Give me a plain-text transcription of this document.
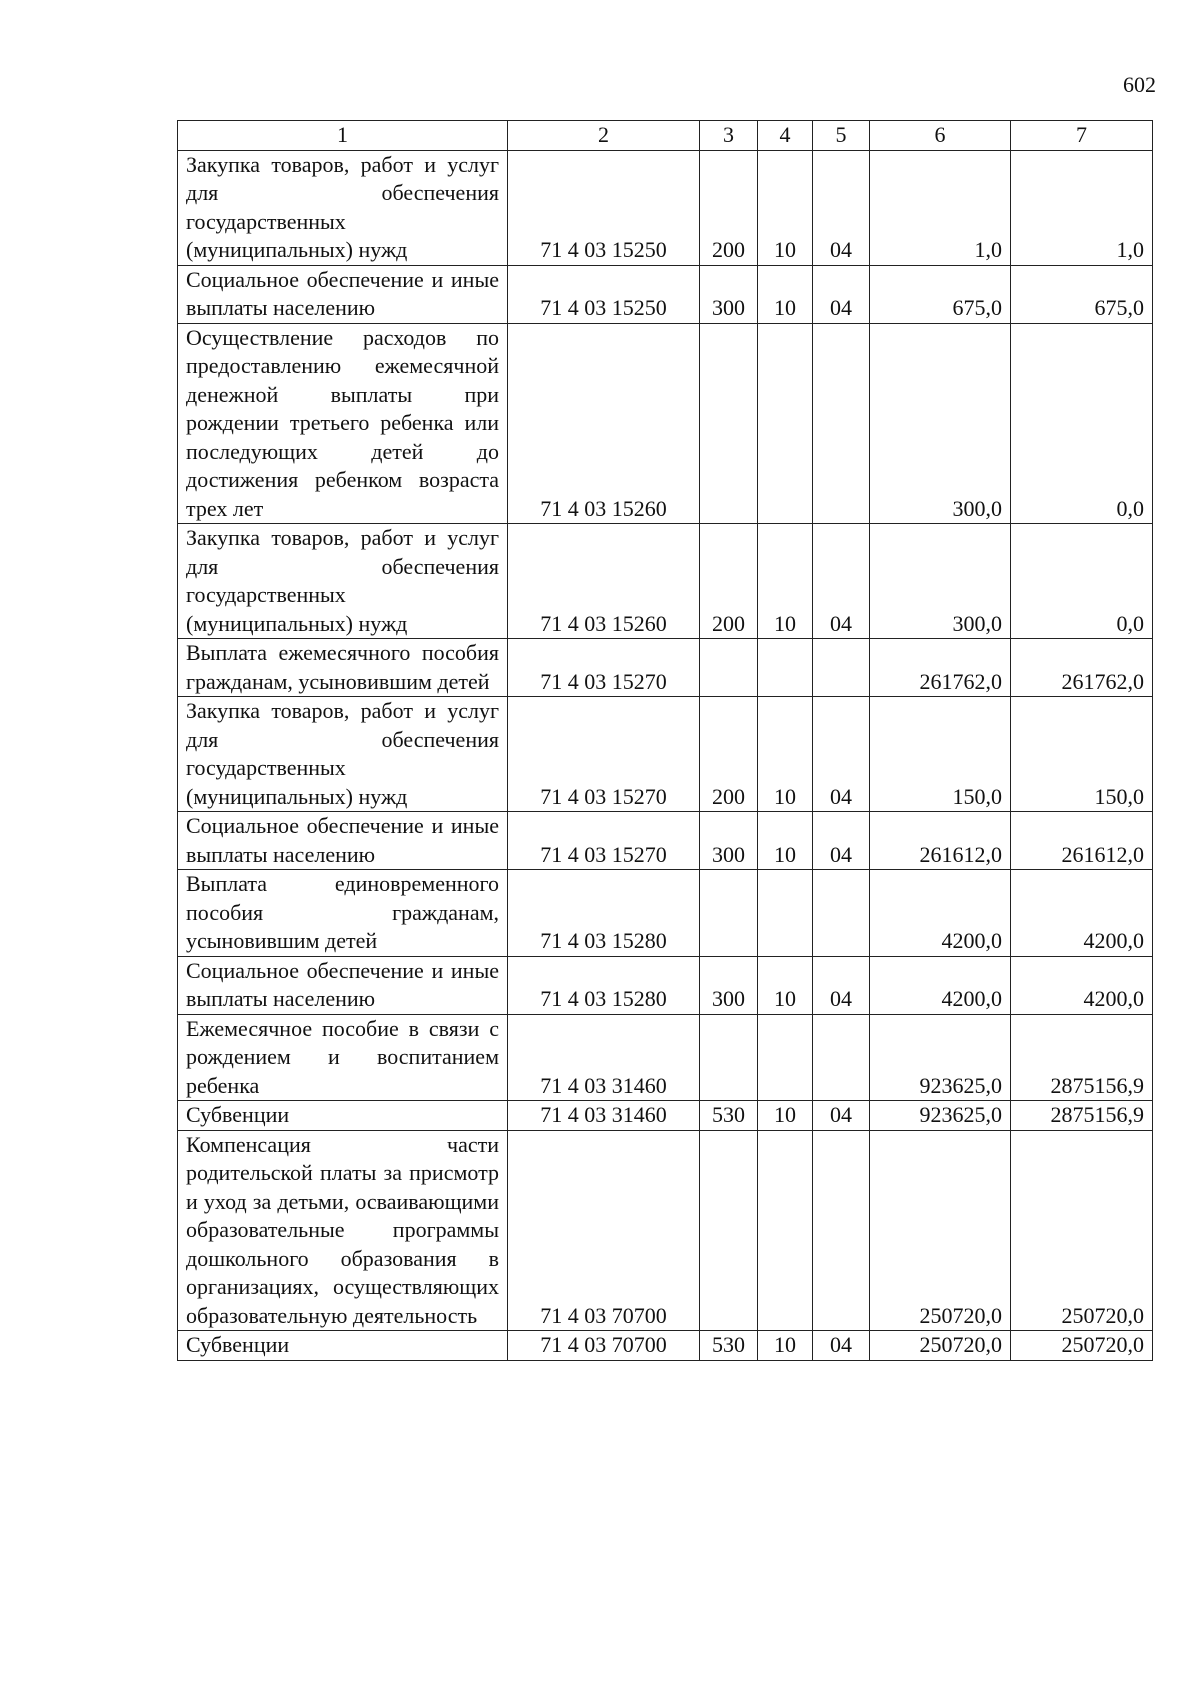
602
1	2	3	4	5	6	7
Закупка товаров, работ и услуг для обеспечения государственных (муниципальных) нужд	71 4 03 15250	200	10	04	1,0	1,0
Социальное обеспечение и иные выплаты населению	71 4 03 15250	300	10	04	675,0	675,0
Осуществление расходов по предоставлению ежемесячной денежной выплаты при рождении третьего ребенка или последующих детей до достижения ребенком возраста трех лет	71 4 03 15260				300,0	0,0
Закупка товаров, работ и услуг для обеспечения государственных (муниципальных) нужд	71 4 03 15260	200	10	04	300,0	0,0
Выплата ежемесячного пособия гражданам, усыновившим детей	71 4 03 15270				261762,0	261762,0
Закупка товаров, работ и услуг для обеспечения государственных (муниципальных) нужд	71 4 03 15270	200	10	04	150,0	150,0
Социальное обеспечение и иные выплаты населению	71 4 03 15270	300	10	04	261612,0	261612,0
Выплата единовременного пособия гражданам, усыновившим детей	71 4 03 15280				4200,0	4200,0
Социальное обеспечение и иные выплаты населению	71 4 03 15280	300	10	04	4200,0	4200,0
Ежемесячное пособие в связи с рождением и воспитанием ребенка	71 4 03 31460				923625,0	2875156,9
Субвенции	71 4 03 31460	530	10	04	923625,0	2875156,9
Компенсация части родительской платы за присмотр и уход за детьми, осваивающими образовательные программы дошкольного образования в организациях, осуществляющих образовательную деятельность	71 4 03 70700				250720,0	250720,0
Субвенции	71 4 03 70700	530	10	04	250720,0	250720,0
